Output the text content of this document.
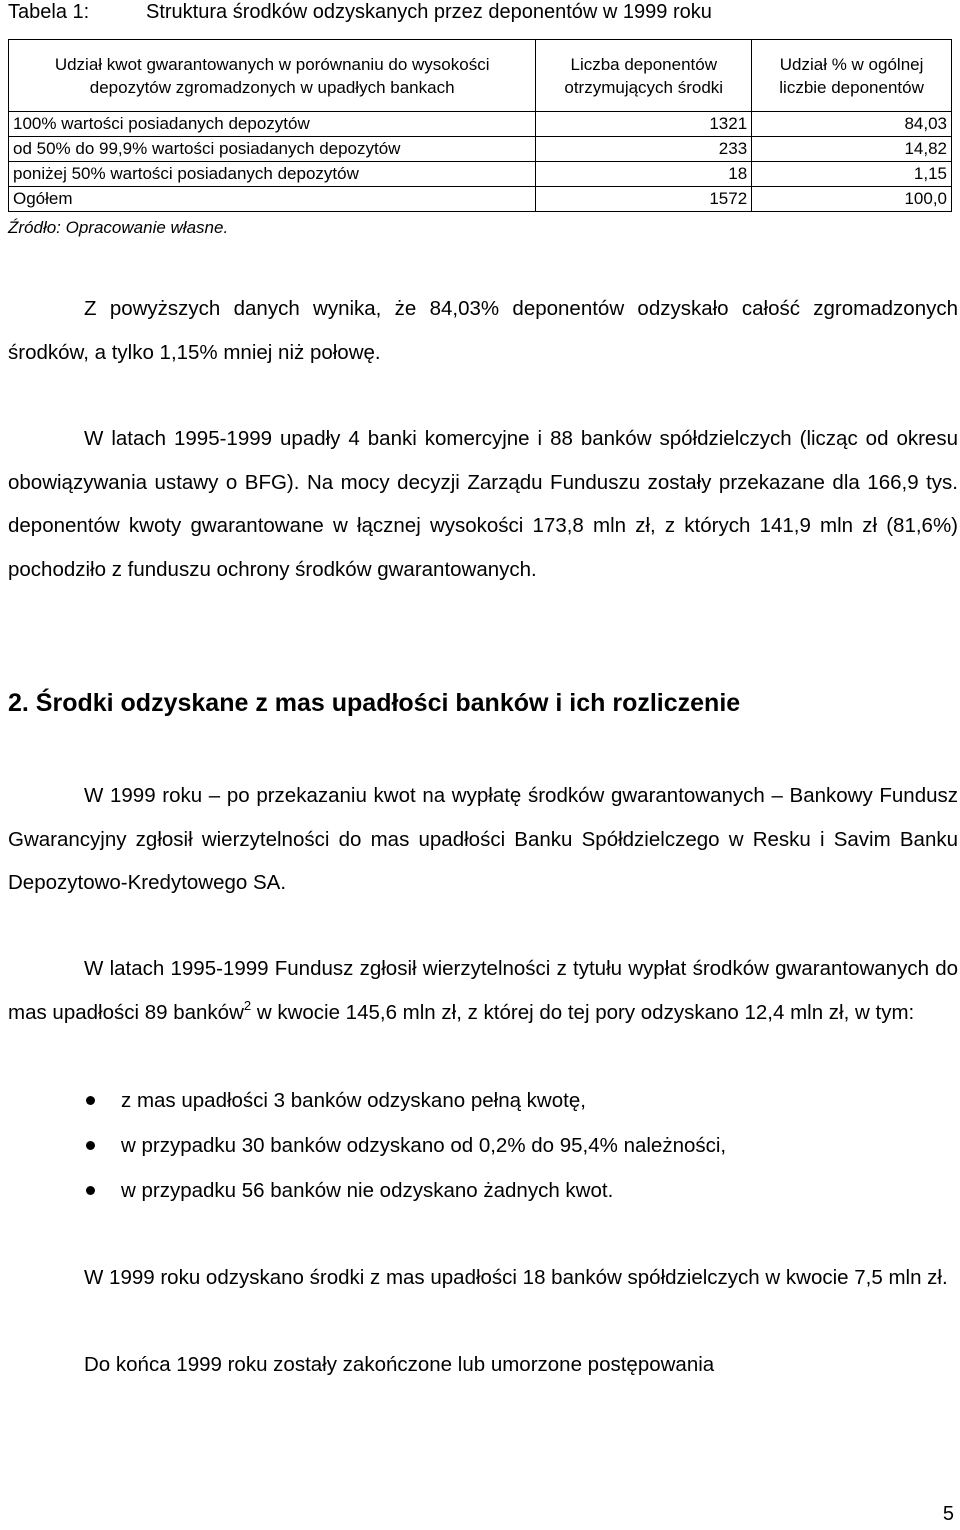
Tabela 1:	Struktura środków odzyskanych przez deponentów w 1999 roku
Udział kwot gwarantowanych w porównaniu do wysokości depozytów zgromadzonych w upadłych bankach	Liczba deponentów otrzymujących środki	Udział % w ogólnej liczbie deponentów
100% wartości posiadanych depozytów	1321	84,03
od 50% do 99,9% wartości posiadanych depozytów	233	14,82
poniżej 50% wartości posiadanych depozytów	18	1,15
Ogółem	1572	100,0
Źródło: Opracowanie własne.

Z powyższych danych wynika, że 84,03% deponentów odzyskało całość zgromadzonych środków, a tylko 1,15% mniej niż połowę.

W latach 1995-1999 upadły 4 banki komercyjne i 88 banków spółdzielczych (licząc od okresu obowiązywania ustawy o BFG). Na mocy decyzji Zarządu Funduszu zostały przekazane dla 166,9 tys. deponentów kwoty gwarantowane w łącznej wysokości 173,8 mln zł, z których 141,9 mln zł (81,6%) pochodziło z funduszu ochrony środków gwarantowanych.

2. Środki odzyskane z mas upadłości banków i ich rozliczenie

W 1999 roku – po przekazaniu kwot na wypłatę środków gwarantowanych – Bankowy Fundusz Gwarancyjny zgłosił wierzytelności do mas upadłości Banku Spółdzielczego w Resku i Savim Banku Depozytowo-Kredytowego SA.

W latach 1995-1999 Fundusz zgłosił wierzytelności z tytułu wypłat środków gwarantowanych do mas upadłości 89 banków$^2$ w kwocie 145,6 mln zł, z której do tej pory odzyskano 12,4 mln zł, w tym:

z mas upadłości 3 banków odzyskano pełną kwotę,
w przypadku 30 banków odzyskano od 0,2% do 95,4% należności,
w przypadku 56 banków nie odzyskano żadnych kwot.

W 1999 roku odzyskano środki z mas upadłości 18 banków spółdzielczych w kwocie 7,5 mln zł.

Do końca 1999 roku zostały zakończone lub umorzone postępowania

5
